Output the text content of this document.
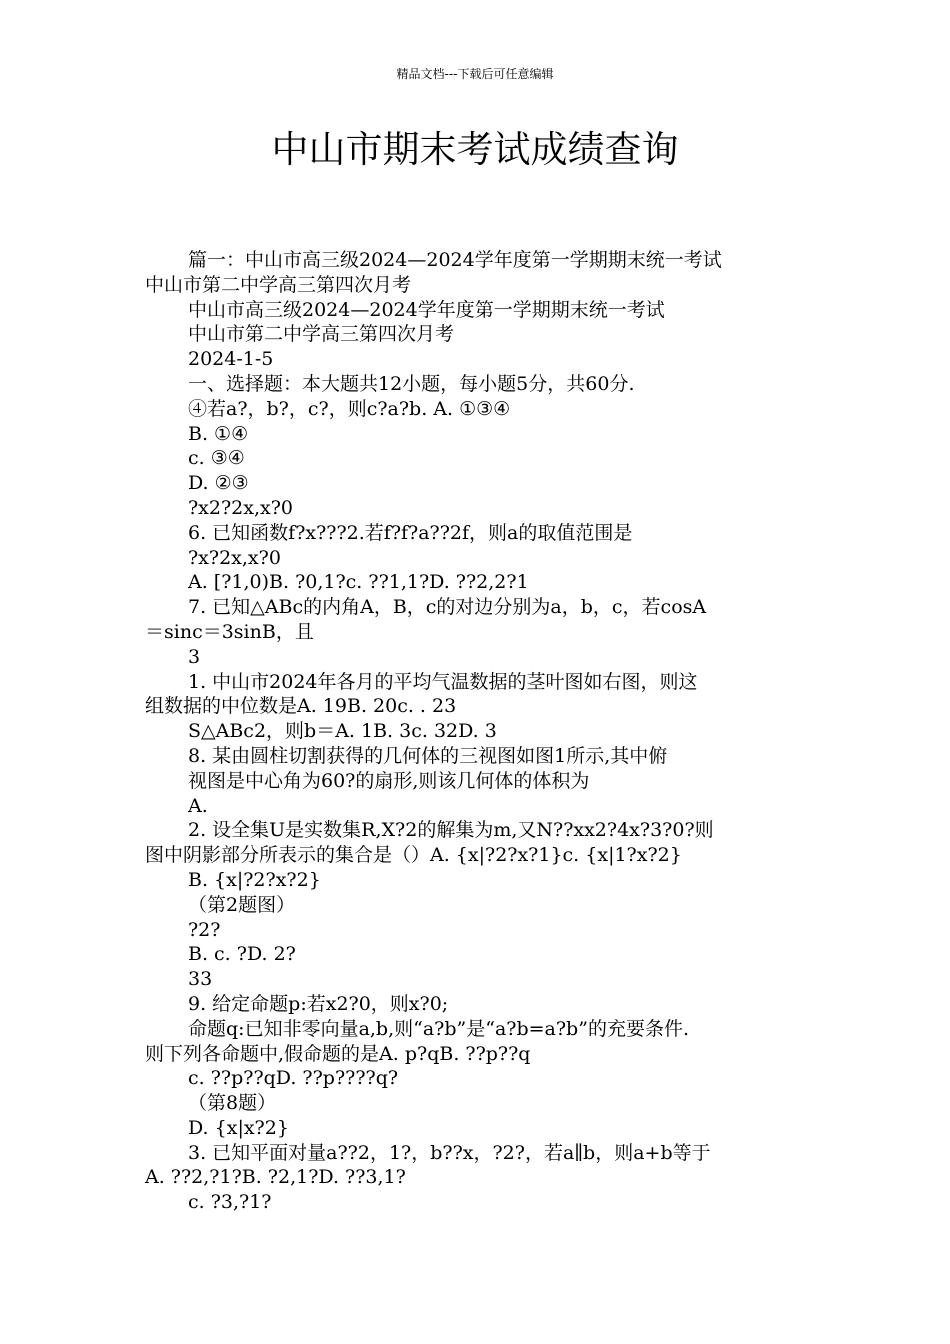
精品文档---下载后可任意编辑
中山市期末考试成绩查询

篇一：中山市高三级2024—2024学年度第一学期期末统一考试

中山市第二中学高三第四次月考

中山市高三级2024—2024学年度第一学期期末统一考试

中山市第二中学高三第四次月考

2024-1-5

一、选择题：本大题共12小题，每小题5分，共60分.

④若a?，b?，c?，则c?a?b. A. ①③④

B. ①④

c. ③④

D. ②③

?x2?2x,x?0

6. 已知函数f?x???2.若f?f?a??2f，则a的取值范围是

?x?2x,x?0

A. [?1,0)B. ?0,1?c. ??1,1?D. ??2,2?1

7. 已知△ABc的内角A，B，c的对边分别为a，b，c，若cosA

＝sinc＝3sinB，且

3

1. 中山市2024年各月的平均气温数据的茎叶图如右图，则这

组数据的中位数是A. 19B. 20c. . 23

S△ABc2，则b＝A. 1B. 3c. 32D. 3

8. 某由圆柱切割获得的几何体的三视图如图1所示,其中俯

视图是中心角为60?的扇形,则该几何体的体积为

A.

2. 设全集U是实数集R,X?2的解集为m,又N??xx2?4x?3?0?则

图中阴影部分所表示的集合是（）A. {x|?2?x?1}c. {x|1?x?2}

B. {x|?2?x?2}

（第2题图）

?2?

B. c. ?D. 2?

33

9. 给定命题p:若x2?0，则x?0;

命题q:已知非零向量a,b,则“a?b”是“a?b=a?b”的充要条件.

则下列各命题中,假命题的是A. p?qB. ??p??q

c. ??p??qD. ??p????q?

（第8题）

D. {x|x?2}

3. 已知平面对量a??2，1?，b??x，?2?，若a∥b，则a+b等于

A. ??2,?1?B. ?2,1?D. ??3,1?

c. ?3,?1?
